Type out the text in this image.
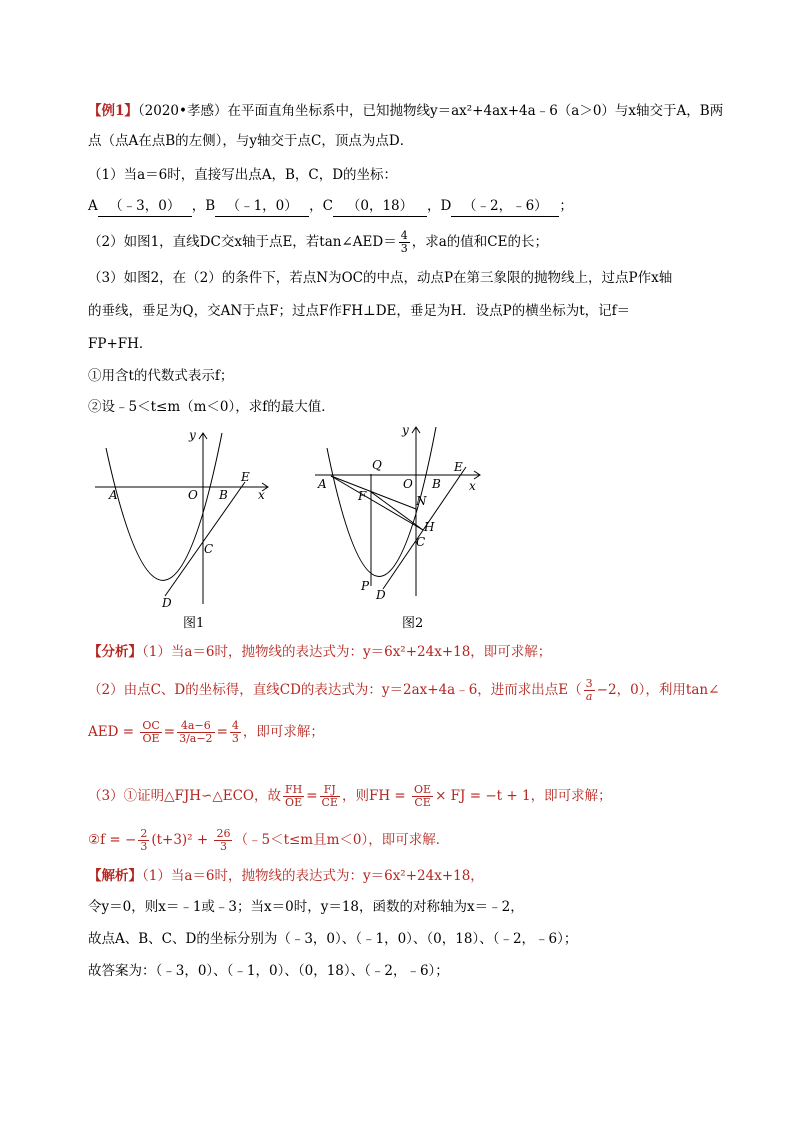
【例1】（2020•孝感）在平面直角坐标系中，已知抛物线y＝ax²+4ax+4a﹣6（a＞0）与x轴交于A，B两
点（点A在点B的左侧），与y轴交于点C，顶点为点D．
（1）当a＝6时，直接写出点A，B，C，D的坐标：
A （﹣3，0） ，B （﹣1，0） ，C （0，18） ，D （﹣2，﹣6） ；
（2）如图1，直线DC交x轴于点E，若tan∠AED＝ $\frac{4}{3}$ ，求a的值和CE的长；
（3）如图2，在（2）的条件下，若点N为OC的中点，动点P在第三象限的抛物线上，过点P作x轴
的垂线，垂足为Q，交AN于点F；过点F作FH⊥DE，垂足为H．设点P的横坐标为t，记f＝
FP+FH．
①用含t的代数式表示f；
②设﹣5＜t≤m（m＜0），求f的最大值．
y
x
A	O B
E
C
D
图1
y
x
A
Q
O B
E
F	N
H
C
P
D
图2
【分析】（1）当a＝6时，抛物线的表达式为：y＝6x²+24x+18，即可求解；
（2）由点C、D的坐标得，直线CD的表达式为：y＝2ax+4a﹣6，进而求出点$E( \frac{3}{a} -2$，0），利用tan∠
AED = $\frac{OC}{OE} = \frac{4a-6}{3/a-2} = \frac{4}{3}$ ，即可求解；
（3）①证明△FJH∽△ECO，故 $\frac{FH}{OE} = \frac{FJ}{CE}$ ，则FH = $\frac{OE}{CE}$ × FJ = −t + 1，即可求解；
②f = − $\frac{2}{3} (t+3)^2 + \frac{26}{3}$ （﹣5＜t≤m且m＜0），即可求解．
【解析】（1）当a＝6时，抛物线的表达式为：y＝6x²+24x+18，
令y＝0，则x＝﹣1或﹣3；当x＝0时，y＝18，函数的对称轴为x＝﹣2，
故点A、B、C、D的坐标分别为（﹣3，0）、（﹣1，0）、（0，18）、（﹣2，﹣6）；
故答案为：（﹣3，0）、（﹣1，0）、（0，18）、（﹣2，﹣6）；
